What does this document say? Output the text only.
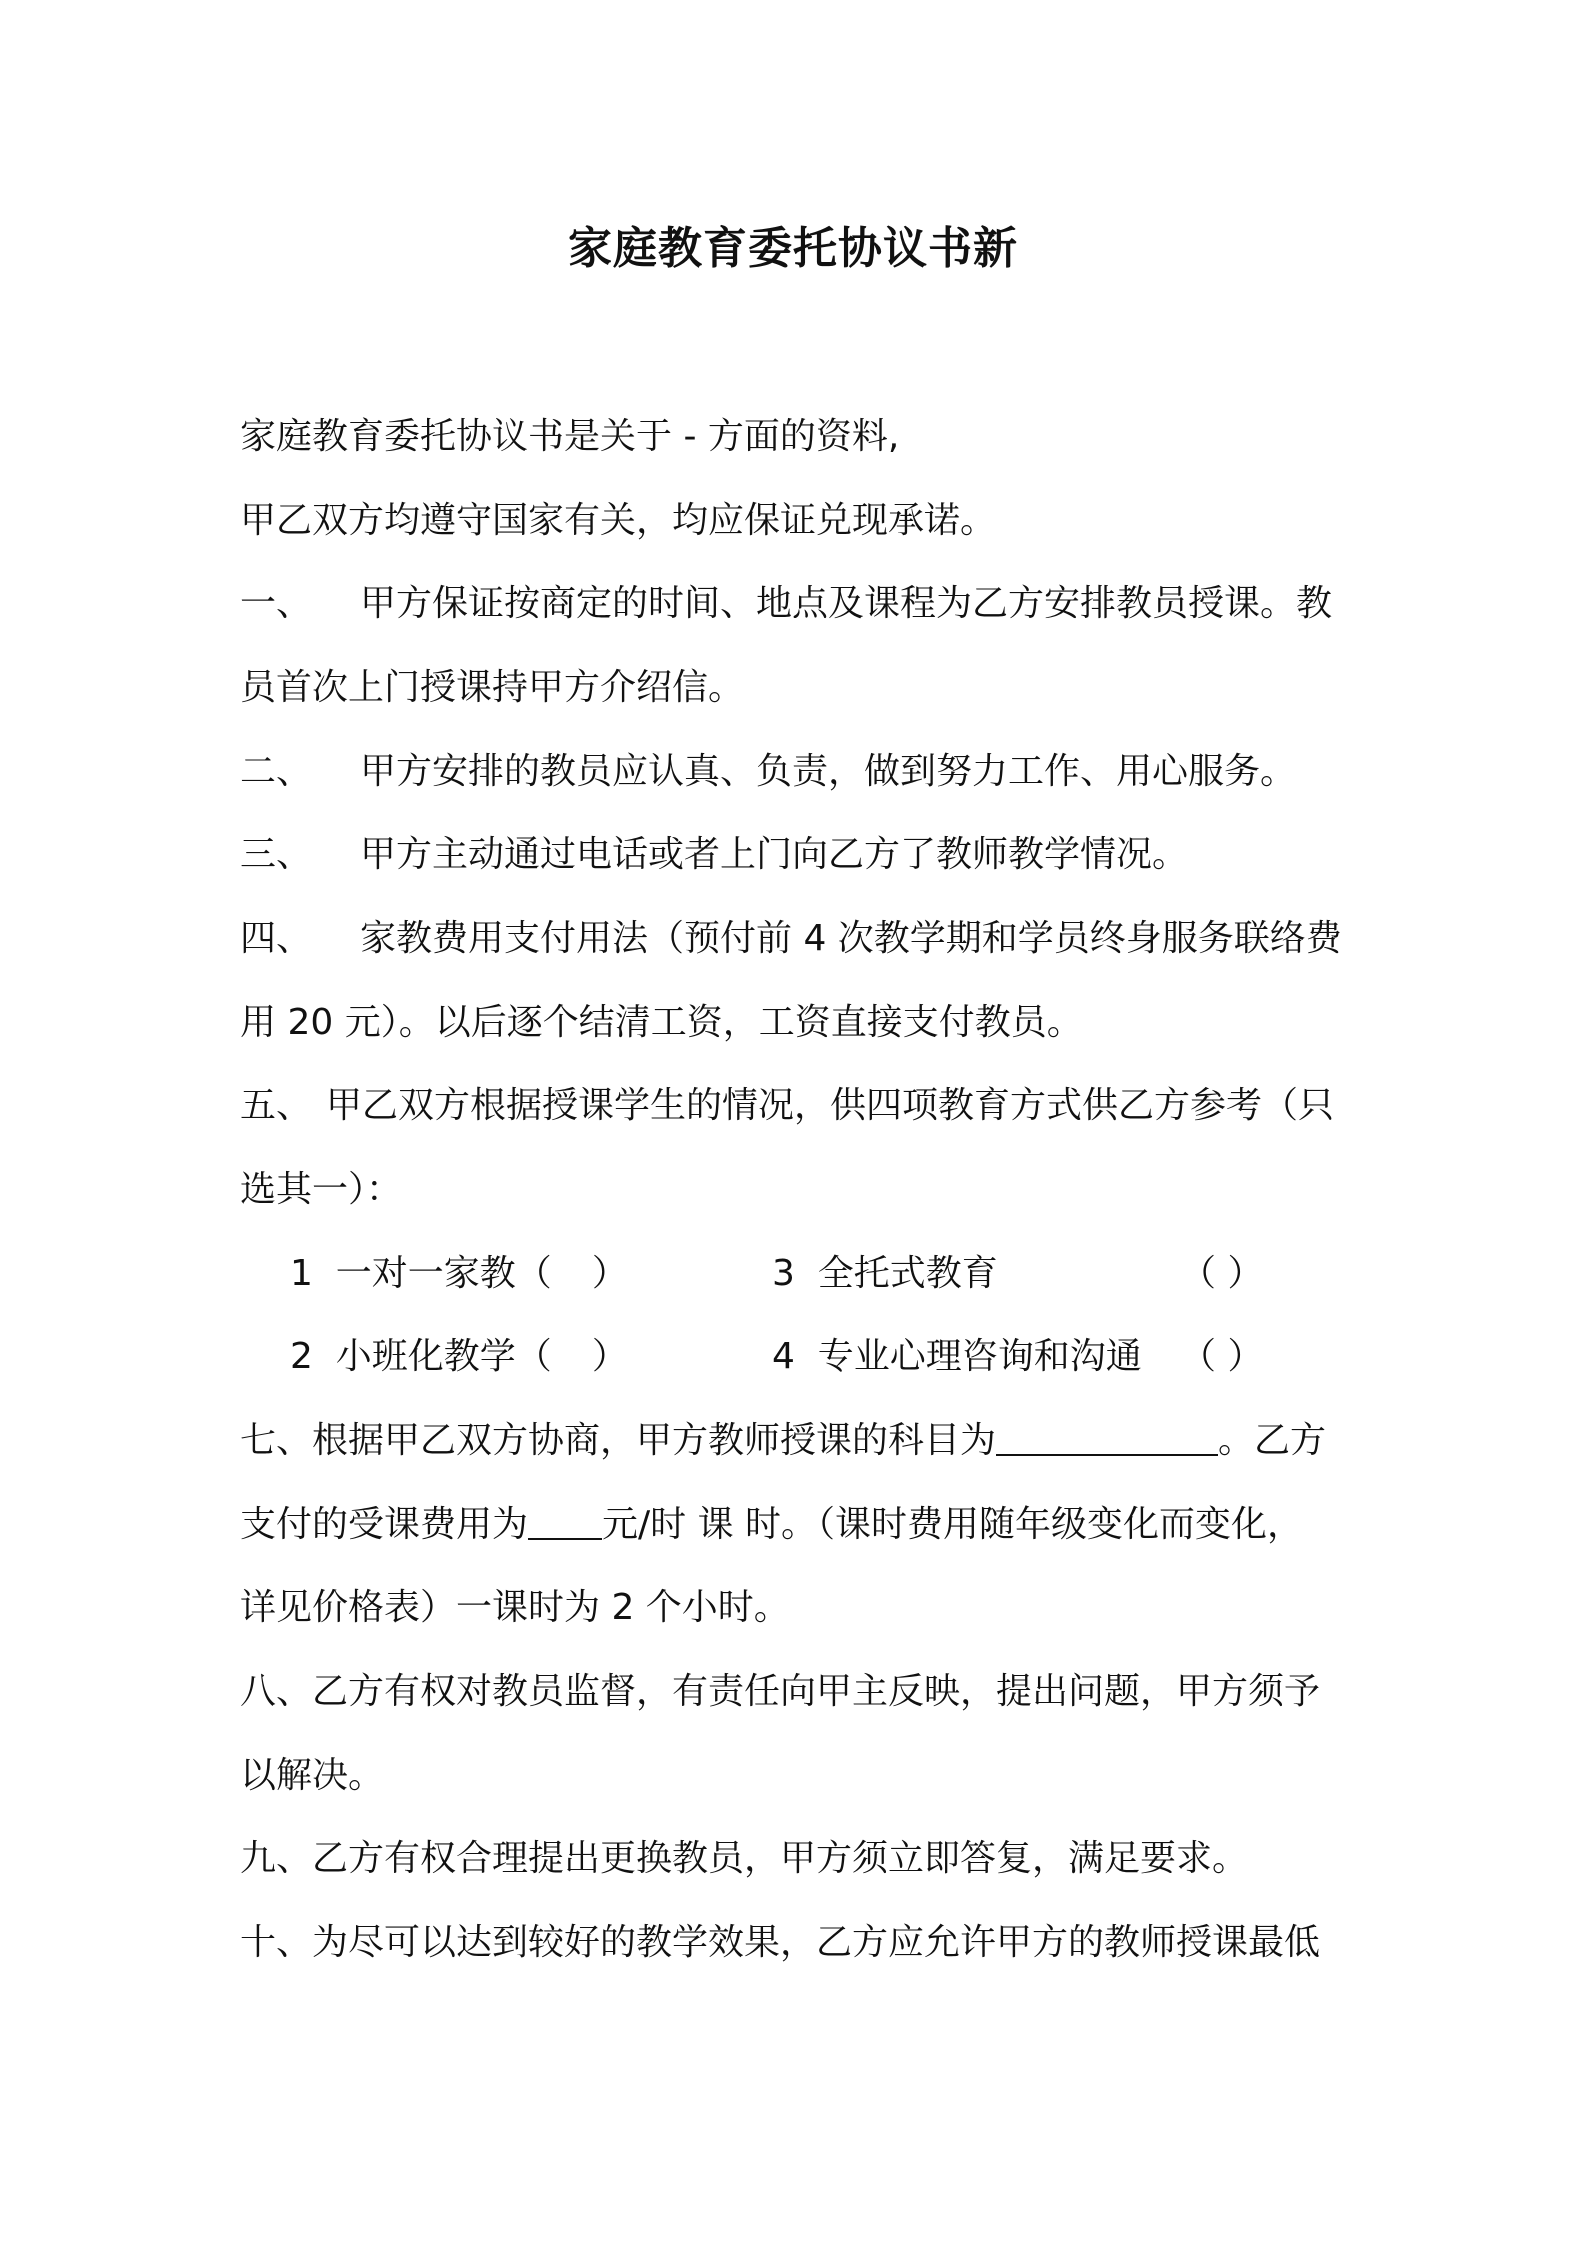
家庭教育委托协议书新
家庭教育委托协议书是关于 - 方面的资料,
甲乙双方均遵守国家有关，均应保证兑现承诺。
一、 甲方保证按商定的时间、地点及课程为乙方安排教员授课。教
员首次上门授课持甲方介绍信。
二、 甲方安排的教员应认真、负责，做到努力工作、用心服务。
三、 甲方主动通过电话或者上门向乙方了教师教学情况。
四、 家教费用支付用法（预付前 4 次教学期和学员终身服务联络费
用 20 元）。以后逐个结清工资，工资直接支付教员。
五、 甲乙双方根据授课学生的情况，供四项教育方式供乙方参考（只
选其一）：
1 一对一家教（ ）	3 全托式教育	（ ）
2 小班化教学（ ）	4 专业心理咨询和沟通 （ ）
七、根据甲乙双方协商，甲方教师授课的科目为	。乙方
支付的受课费用为 元/时 课 时。（课时费用随年级变化而变化，
详见价格表）一课时为 2 个小时。
八、乙方有权对教员监督，有责任向甲主反映，提出问题，甲方须予
以解决。
九、乙方有权合理提出更换教员，甲方须立即答复，满足要求。
十、为尽可以达到较好的教学效果，乙方应允许甲方的教师授课最低
